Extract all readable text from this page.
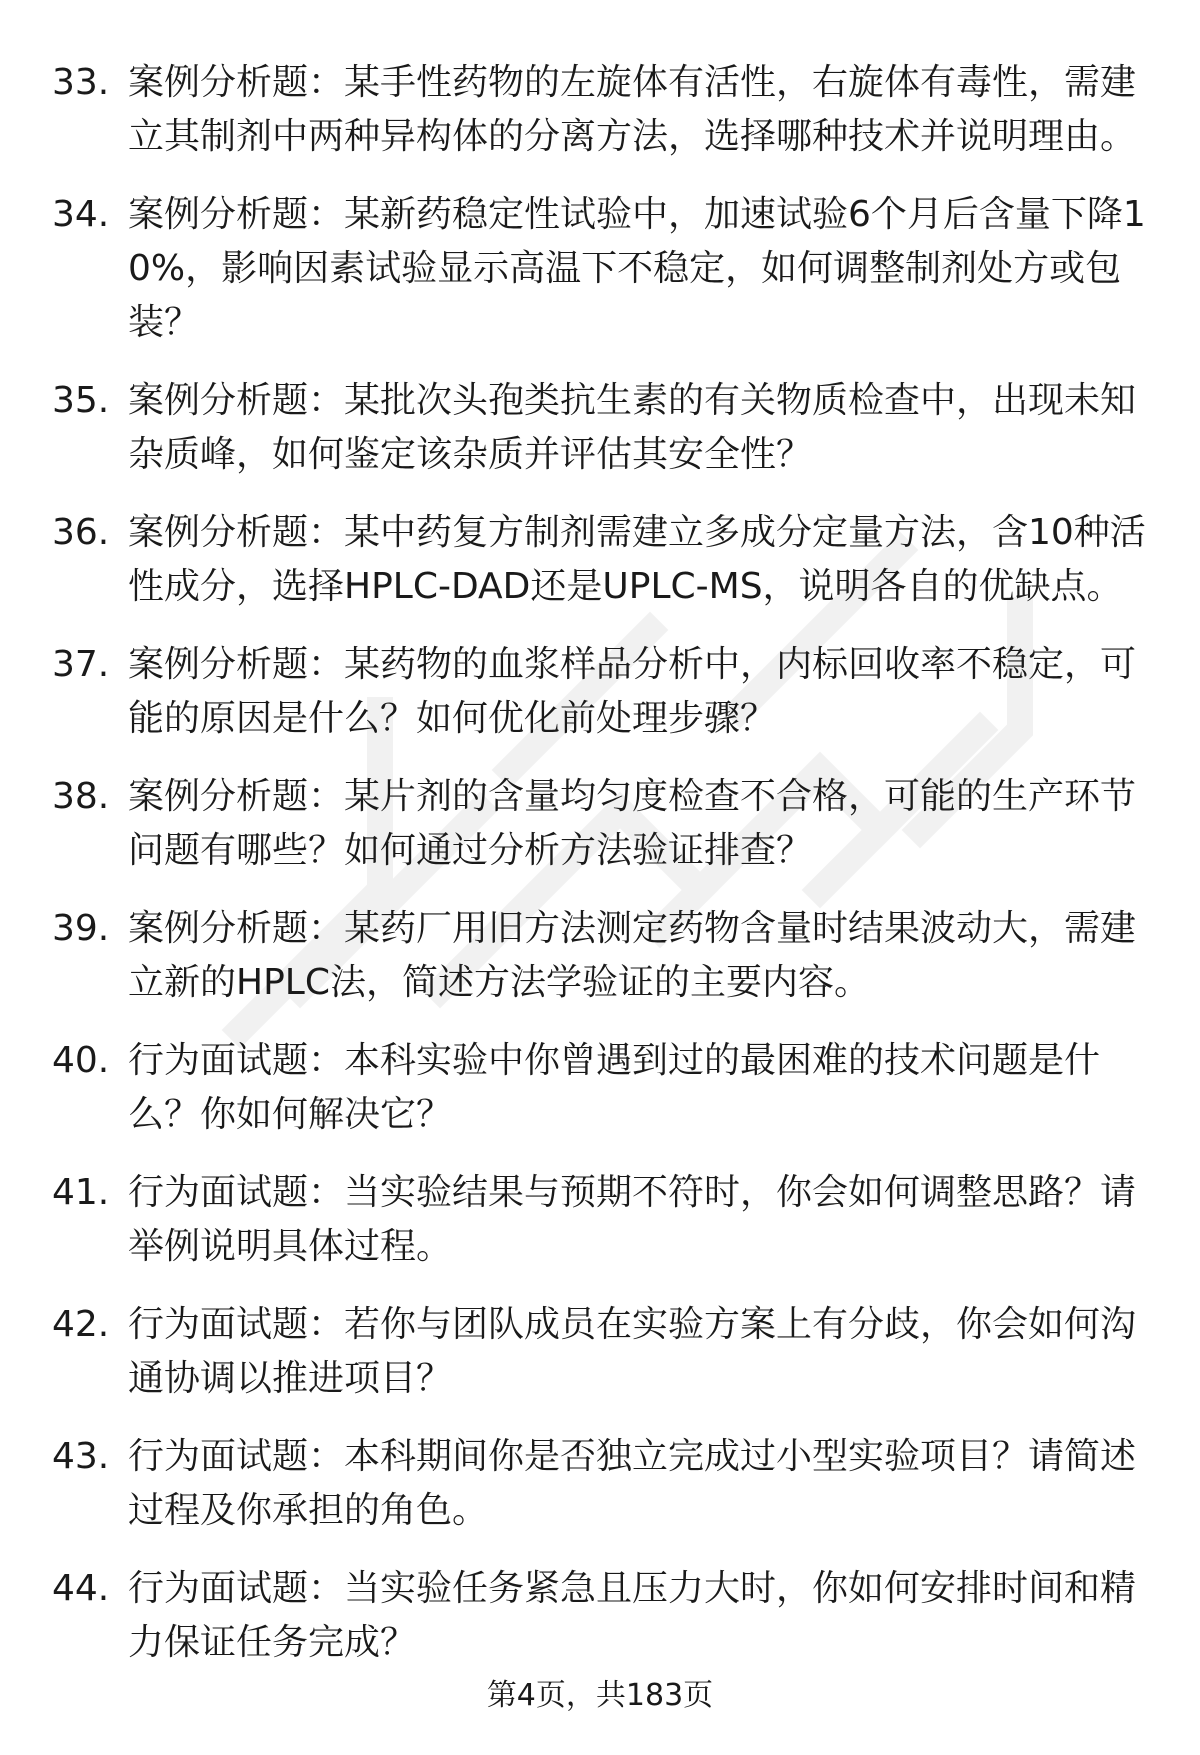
33. 案例分析题：某手性药物的左旋体有活性，右旋体有毒性，需建立其制剂中两种异构体的分离方法，选择哪种技术并说明理由。
34. 案例分析题：某新药稳定性试验中，加速试验6个月后含量下降10%，影响因素试验显示高温下不稳定，如何调整制剂处方或包装？
35. 案例分析题：某批次头孢类抗生素的有关物质检查中，出现未知杂质峰，如何鉴定该杂质并评估其安全性？
36. 案例分析题：某中药复方制剂需建立多成分定量方法，含10种活性成分，选择HPLC-DAD还是UPLC-MS，说明各自的优缺点。
37. 案例分析题：某药物的血浆样品分析中，内标回收率不稳定，可能的原因是什么？如何优化前处理步骤？
38. 案例分析题：某片剂的含量均匀度检查不合格，可能的生产环节问题有哪些？如何通过分析方法验证排查？
39. 案例分析题：某药厂用旧方法测定药物含量时结果波动大，需建立新的HPLC法，简述方法学验证的主要内容。
40. 行为面试题：本科实验中你曾遇到过的最困难的技术问题是什么？你如何解决它？
41. 行为面试题：当实验结果与预期不符时，你会如何调整思路？请举例说明具体过程。
42. 行为面试题：若你与团队成员在实验方案上有分歧，你会如何沟通协调以推进项目？
43. 行为面试题：本科期间你是否独立完成过小型实验项目？请简述过程及你承担的角色。
44. 行为面试题：当实验任务紧急且压力大时，你如何安排时间和精力保证任务完成？
第4页，共183页
